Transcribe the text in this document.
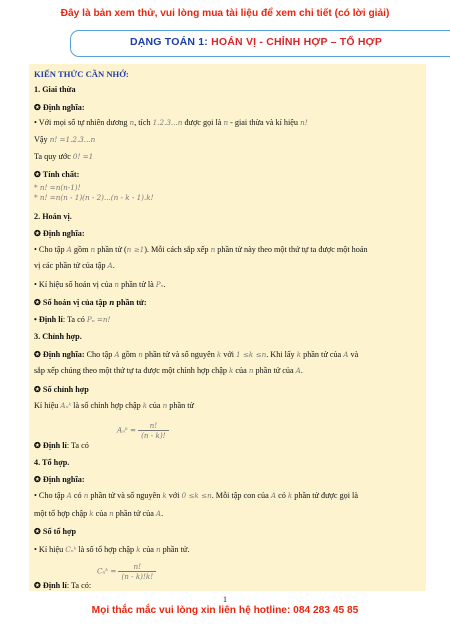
Đây là bản xem thử, vui lòng mua tài liệu để xem chi tiết (có lời giải)
DẠNG TOÁN 1: HOÁN VỊ - CHỈNH HỢP – TỔ HỢP
KIẾN THỨC CẦN NHỚ:
1. Giai thừa
✪ Định nghĩa:
• Với mọi số tự nhiên dương n, tích 1.2.3...n được gọi là n - giai thừa và kí hiệu n!
Vậy n! =1.2.3...n
Ta quy ước 0! =1
✪ Tính chất:
* n! =n(n-1)!
* n! =n(n - 1)(n - 2)...(n - k - 1).k!
2. Hoán vị.
✪ Định nghĩa:
• Cho tập A gồm n phần tử (n ≥1). Mỗi cách sắp xếp n phần tử này theo một thứ tự ta được một hoán
vị các phần tử của tập A.
• Kí hiệu số hoán vị của n phần tử là Pₙ.
✪ Số hoán vị của tập n phần tử:
• Định lí: Ta có Pₙ =n!
3. Chỉnh hợp.
✪ Định nghĩa: Cho tập A gồm n phần tử và số nguyên k với 1 ≤k ≤n. Khi lấy k phần tử của A và
sắp xếp chúng theo một thứ tự ta được một chỉnh hợp chập k của n phần tử của A.
✪ Số chỉnh hợp
Kí hiệu Aₙᵏ là số chỉnh hợp chập k của n phần tử
Aₙᵏ = $\frac{n!}{(n - k)!}$
✪ Định lí: Ta có
4. Tổ hợp.
✪ Định nghĩa:
• Cho tập A có n phần tử và số nguyên k với 0 ≤k ≤n. Mỗi tập con của A có k phần tử được gọi là
một tổ hợp chập k của n phần tử của A.
✪ Số tổ hợp
• Kí hiệu Cₙᵏ là số tổ hợp chập k của n phần tử.
Cₙᵏ = $\frac{n!}{(n - k)!k!}$
✪ Định lí: Ta có:
1
Mọi thắc mắc vui lòng xin liên hệ hotline: 084 283 45 85
